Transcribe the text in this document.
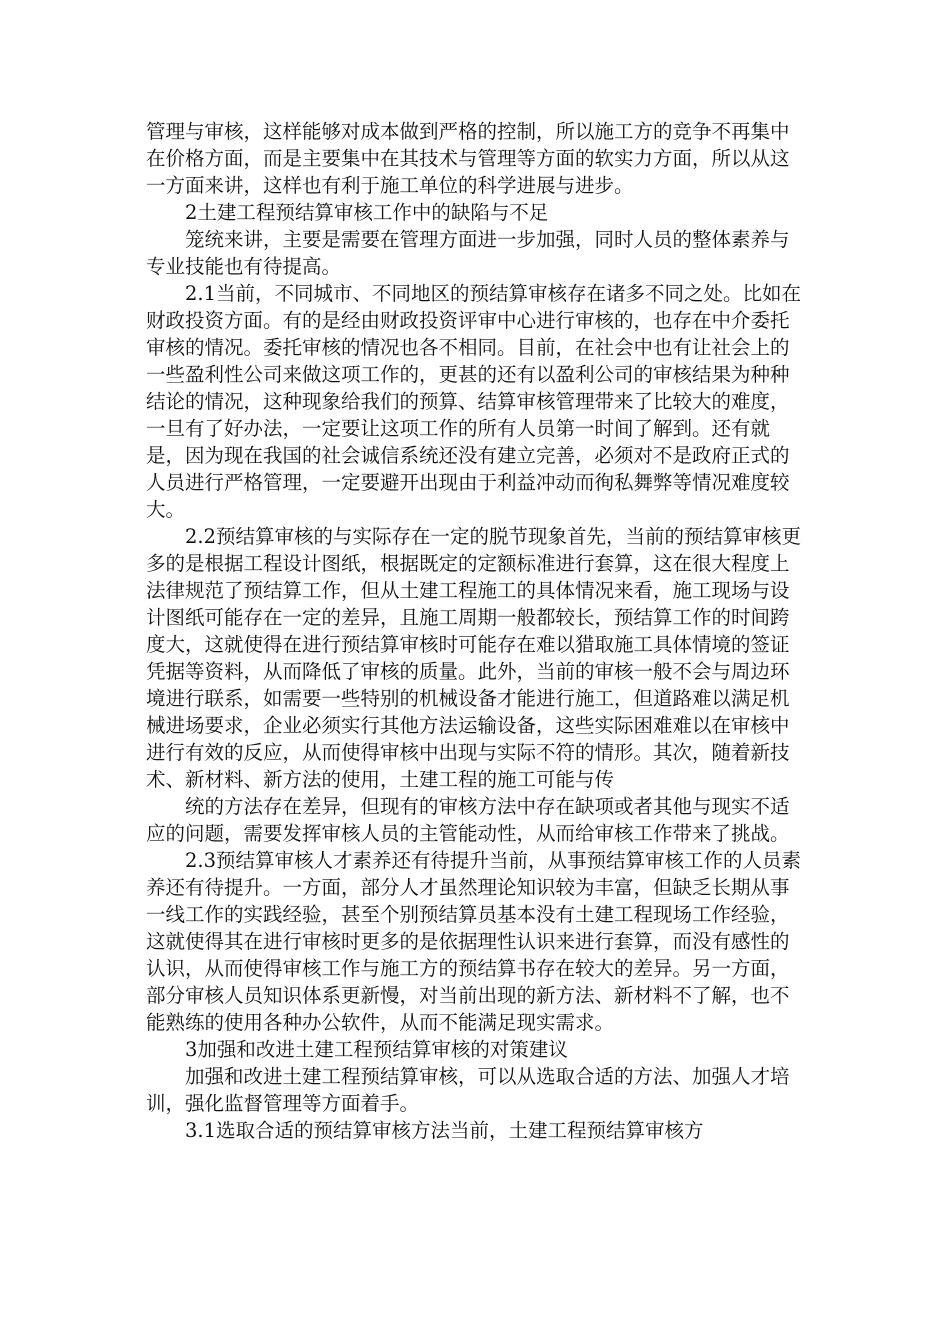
管理与审核，这样能够对成本做到严格的控制，所以施工方的竞争不再集中在价格方面，而是主要集中在其技术与管理等方面的软实力方面，所以从这一方面来讲，这样也有利于施工单位的科学进展与进步。

2土建工程预结算审核工作中的缺陷与不足

笼统来讲，主要是需要在管理方面进一步加强，同时人员的整体素养与专业技能也有待提高。

2.1当前，不同城市、不同地区的预结算审核存在诸多不同之处。比如在财政投资方面。有的是经由财政投资评审中心进行审核的，也存在中介委托审核的情况。委托审核的情况也各不相同。目前，在社会中也有让社会上的一些盈利性公司来做这项工作的，更甚的还有以盈利公司的审核结果为种种结论的情况，这种现象给我们的预算、结算审核管理带来了比较大的难度，一旦有了好办法，一定要让这项工作的所有人员第一时间了解到。还有就是，因为现在我国的社会诚信系统还没有建立完善，必须对不是政府正式的人员进行严格管理，一定要避开出现由于利益冲动而徇私舞弊等情况难度较大。

2.2预结算审核的与实际存在一定的脱节现象首先，当前的预结算审核更多的是根据工程设计图纸，根据既定的定额标准进行套算，这在很大程度上法律规范了预结算工作，但从土建工程施工的具体情况来看，施工现场与设计图纸可能存在一定的差异，且施工周期一般都较长，预结算工作的时间跨度大，这就使得在进行预结算审核时可能存在难以猎取施工具体情境的签证凭据等资料，从而降低了审核的质量。此外，当前的审核一般不会与周边环境进行联系，如需要一些特别的机械设备才能进行施工，但道路难以满足机械进场要求，企业必须实行其他方法运输设备，这些实际困难难以在审核中进行有效的反应，从而使得审核中出现与实际不符的情形。其次，随着新技术、新材料、新方法的使用，土建工程的施工可能与传

统的方法存在差异，但现有的审核方法中存在缺项或者其他与现实不适应的问题，需要发挥审核人员的主管能动性，从而给审核工作带来了挑战。

2.3预结算审核人才素养还有待提升当前，从事预结算审核工作的人员素养还有待提升。一方面，部分人才虽然理论知识较为丰富，但缺乏长期从事一线工作的实践经验，甚至个别预结算员基本没有土建工程现场工作经验，这就使得其在进行审核时更多的是依据理性认识来进行套算，而没有感性的认识，从而使得审核工作与施工方的预结算书存在较大的差异。另一方面，部分审核人员知识体系更新慢，对当前出现的新方法、新材料不了解，也不能熟练的使用各种办公软件，从而不能满足现实需求。

3加强和改进土建工程预结算审核的对策建议

加强和改进土建工程预结算审核，可以从选取合适的方法、加强人才培训，强化监督管理等方面着手。

3.1选取合适的预结算审核方法当前，土建工程预结算审核方
